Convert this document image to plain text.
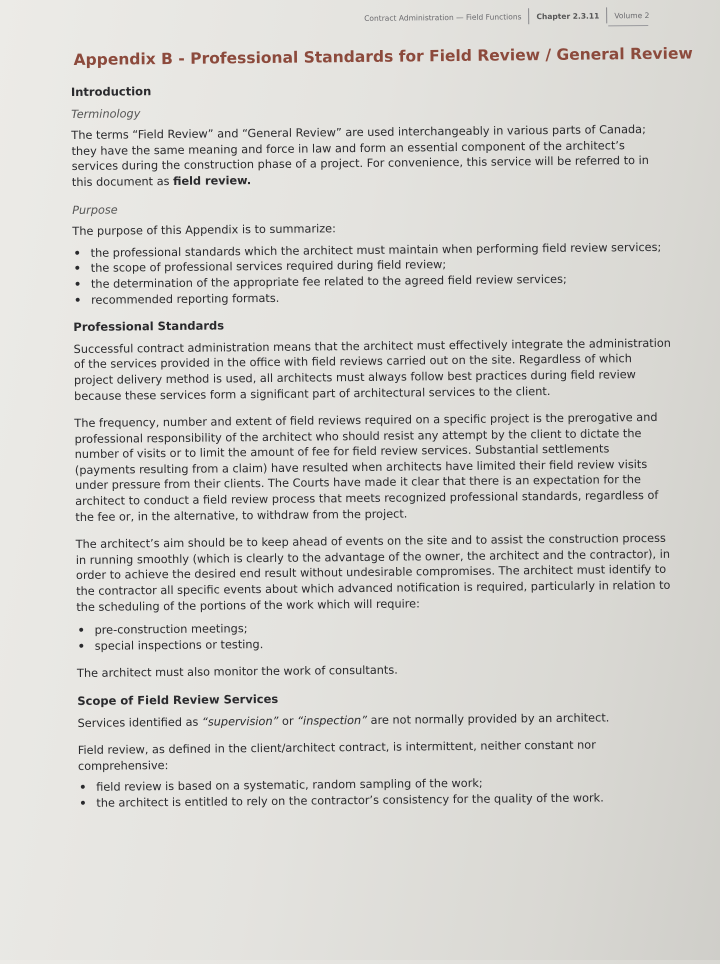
Contract Administration — Field Functions Chapter 2.3.11 Volume 2
Appendix B - Professional Standards for Field Review / General Review
Introduction
Terminology

The terms “Field Review” and “General Review” are used interchangeably in various parts of Canada; they have the same meaning and force in law and form an essential component of the architect’s services during the construction phase of a project. For convenience, this service will be referred to in this document as field review.

Purpose

The purpose of this Appendix is to summarize:

• the professional standards which the architect must maintain when performing field review services;
• the scope of professional services required during field review;
• the determination of the appropriate fee related to the agreed field review services;
• recommended reporting formats.
Professional Standards

Successful contract administration means that the architect must effectively integrate the administration of the services provided in the office with field reviews carried out on the site. Regardless of which project delivery method is used, all architects must always follow best practices during field review because these services form a significant part of architectural services to the client.

The frequency, number and extent of field reviews required on a specific project is the prerogative and professional responsibility of the architect who should resist any attempt by the client to dictate the number of visits or to limit the amount of fee for field review services. Substantial settlements (payments resulting from a claim) have resulted when architects have limited their field review visits under pressure from their clients. The Courts have made it clear that there is an expectation for the architect to conduct a field review process that meets recognized professional standards, regardless of the fee or, in the alternative, to withdraw from the project.

The architect’s aim should be to keep ahead of events on the site and to assist the construction process in running smoothly (which is clearly to the advantage of the owner, the architect and the contractor), in order to achieve the desired end result without undesirable compromises. The architect must identify to the contractor all specific events about which advanced notification is required, particularly in relation to the scheduling of the portions of the work which will require:

• pre-construction meetings;
• special inspections or testing.

The architect must also monitor the work of consultants.

Scope of Field Review Services

Services identified as “supervision” or “inspection” are not normally provided by an architect.

Field review, as defined in the client/architect contract, is intermittent, neither constant nor comprehensive:

• field review is based on a systematic, random sampling of the work;
• the architect is entitled to rely on the contractor’s consistency for the quality of the work.
